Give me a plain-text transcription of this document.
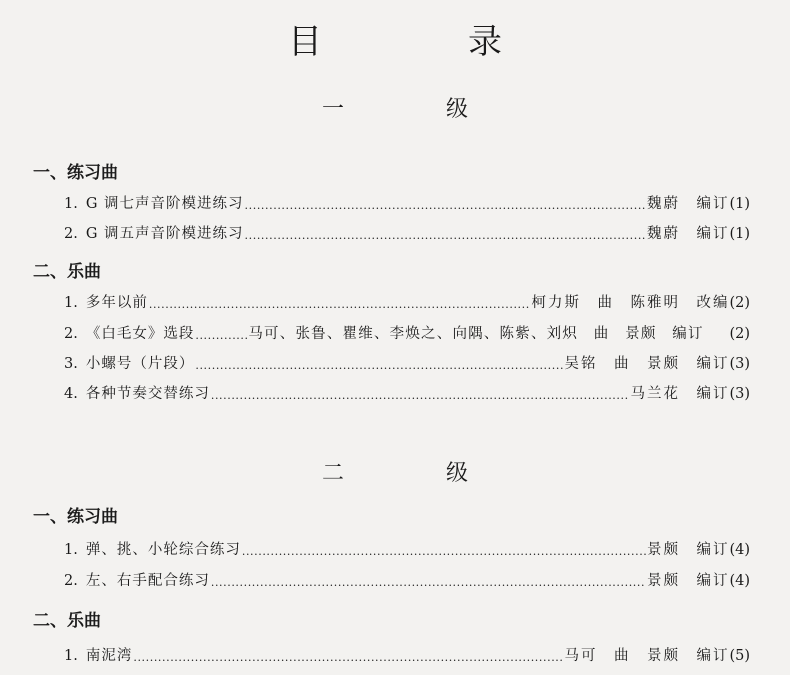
目　录
一　级
一、练习曲
1. G 调七声音阶模进练习 .....	魏蔚　编订 (1)
2. G 调五声音阶模进练习 .....	魏蔚　编订 (1)
二、乐曲
1. 多年以前 .....	柯力斯　曲　陈雅明　改编 (2)
2. 《白毛女》选段 .....	马可、张鲁、瞿维、李焕之、向隅、陈紫、刘炽　曲　景颇　编订	(2)
3. 小螺号（片段） .....	吴铭　曲　景颇　编订 (3)
4. 各种节奏交替练习 .....	马兰花　编订 (3)
二　级
一、练习曲
1. 弹、挑、小轮综合练习 .....	景颇　编订 (4)
2. 左、右手配合练习 .....	景颇　编订 (4)
二、乐曲
1. 南泥湾 .....	马可　曲　景颇　编订 (5)
